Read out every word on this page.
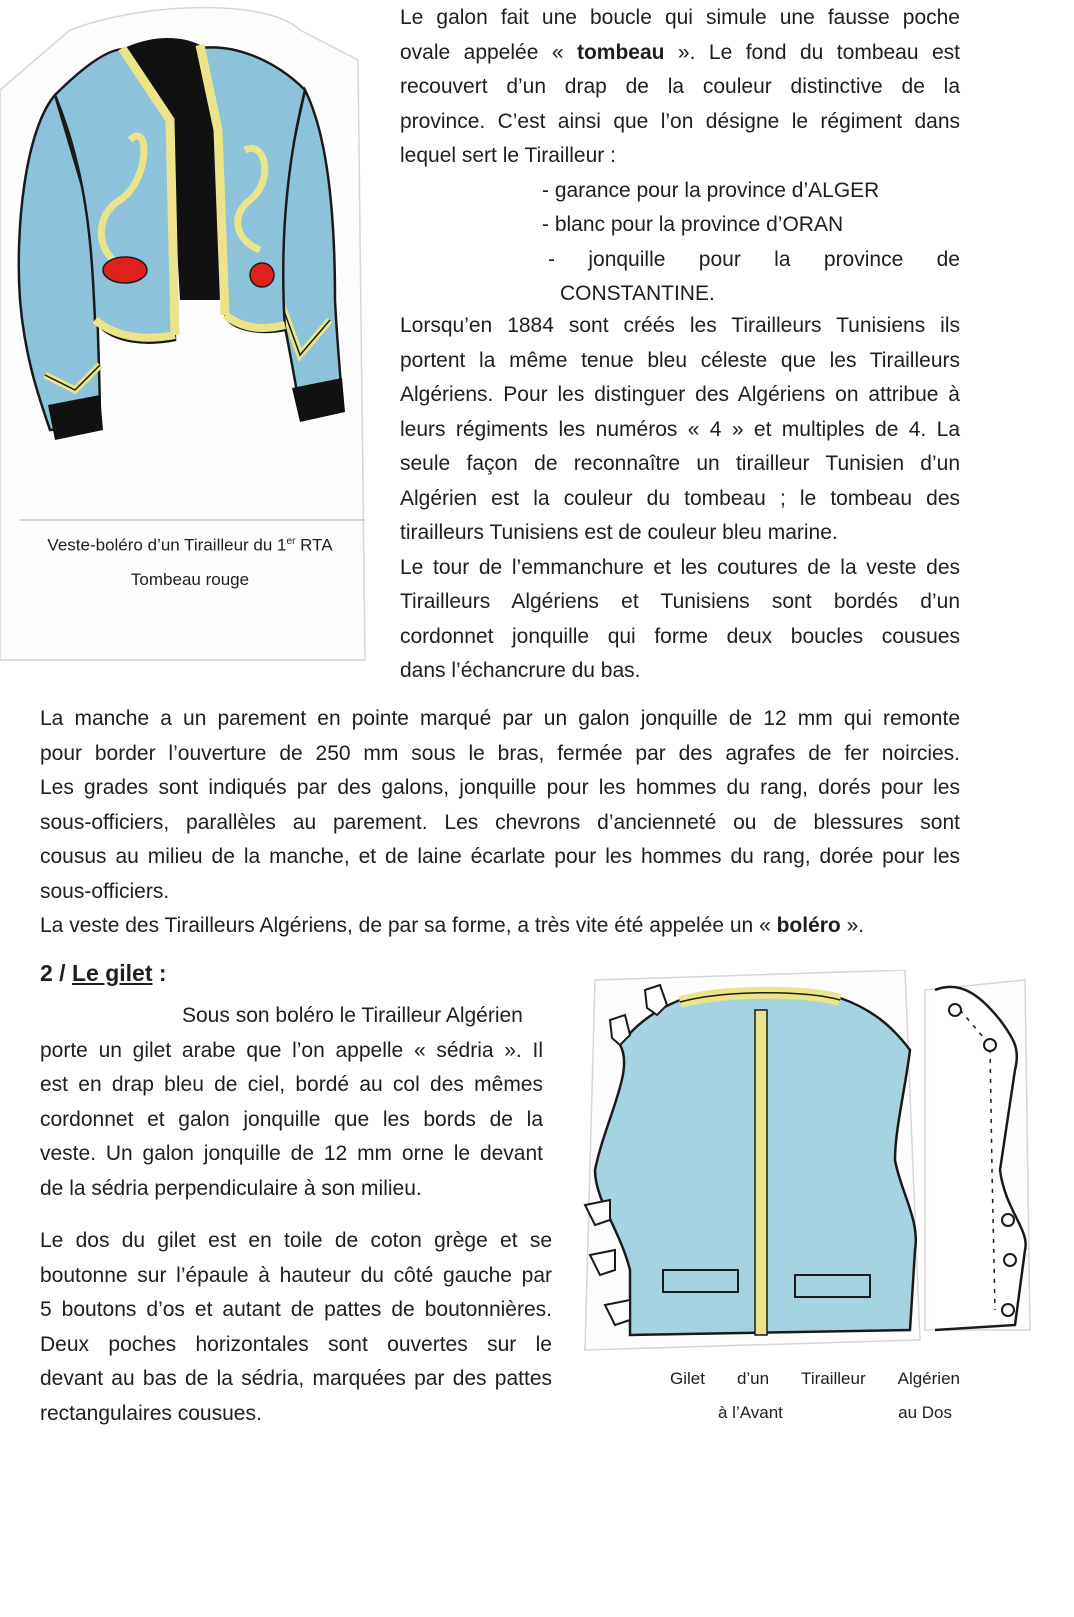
Veste-boléro d’un Tirailleur du 1er RTA
Tombeau rouge
Le galon fait une boucle qui simule une fausse poche
ovale appelée « tombeau ». Le fond du tombeau est
recouvert d’un drap de la couleur distinctive de la
province. C’est ainsi que l’on désigne le régiment dans
lequel sert le Tirailleur :
- garance pour la province d’ALGER
- blanc pour la province d’ORAN
- jonquille pour la province de
CONSTANTINE.
Lorsqu’en 1884 sont créés les Tirailleurs Tunisiens ils
portent la même tenue bleu céleste que les Tirailleurs
Algériens. Pour les distinguer des Algériens on attribue à
leurs régiments les numéros « 4 » et multiples de 4. La
seule façon de reconnaître un tirailleur Tunisien d’un
Algérien est la couleur du tombeau ; le tombeau des
tirailleurs Tunisiens est de couleur bleu marine.
Le tour de l’emmanchure et les coutures de la veste des
Tirailleurs Algériens et Tunisiens sont bordés d’un
cordonnet jonquille qui forme deux boucles cousues
dans l’échancrure du bas.
La manche a un parement en pointe marqué par un galon jonquille de 12 mm qui remonte
pour border l’ouverture de 250 mm sous le bras, fermée par des agrafes de fer noircies.
Les grades sont indiqués par des galons, jonquille pour les hommes du rang, dorés pour les
sous-officiers, parallèles au parement. Les chevrons d’ancienneté ou de blessures sont
cousus au milieu de la manche, et de laine écarlate pour les hommes du rang, dorée pour les
sous-officiers.
La veste des Tirailleurs Algériens, de par sa forme, a très vite été appelée un « boléro ».
2 / Le gilet :
Sous son boléro le Tirailleur Algérien
porte un gilet arabe que l’on appelle « sédria ». Il
est en drap bleu de ciel, bordé au col des mêmes
cordonnet et galon jonquille que les bords de la
veste. Un galon jonquille de 12 mm orne le devant
de la sédria perpendiculaire à son milieu.
Le dos du gilet est en toile de coton grège et se
boutonne sur l’épaule à hauteur du côté gauche par
5 boutons d’os et autant de pattes de boutonnières.
Deux poches horizontales sont ouvertes sur le
devant au bas de la sédria, marquées par des pattes
rectangulaires cousues.
Gilet d’un Tirailleur Algérien
à l’Avant	au Dos
